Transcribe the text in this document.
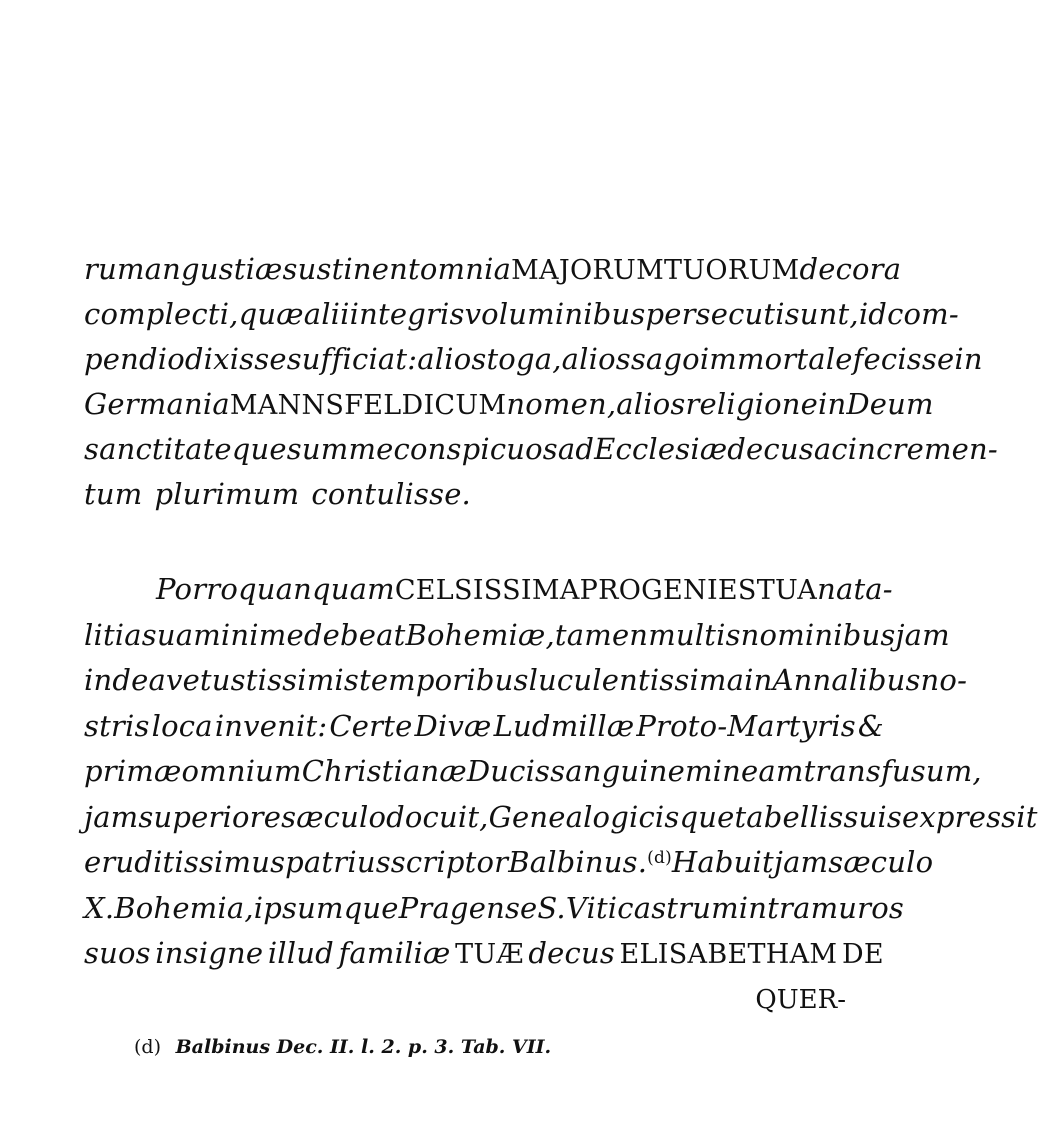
rum angustiæ sustinent omnia MAJORUM TUORUM decora
complecti, quæ alii integris voluminibus persecuti sunt, id com-
pendio dixisse sufficiat: alios toga, alios sago immortale fecisse in
Germania MANNSFELDICUM nomen, alios religione in Deum
sanctitateque summe conspicuos ad Ecclesiæ decus ac incremen-
tum plurimum contulisse.
Porro quanquam CELSISSIMA PROGENIES TUA nata-
litia sua minime debeat Bohemiæ, tamen multis nominibus jam
inde a vetustissimis temporibus luculentissima in Annalibus no-
stris loca invenit: Certe Divæ Ludmillæ Proto-Martyris &
primæ omnium Christianæ Ducis sanguinem in eam transfusum,
jam superiore sæculo docuit, Genealogicisque tabellis suis expressit
eruditissimus patrius scriptor Balbinus. (d) Habuit jam sæculo
X. Bohemia, ipsumque Pragense S. Viti castrum intra muros
suos insigne illud familiæ TUÆ decus ELISABETHAM DE
QUER-
(d) Balbinus Dec. II. l. 2. p. 3. Tab. VII.
